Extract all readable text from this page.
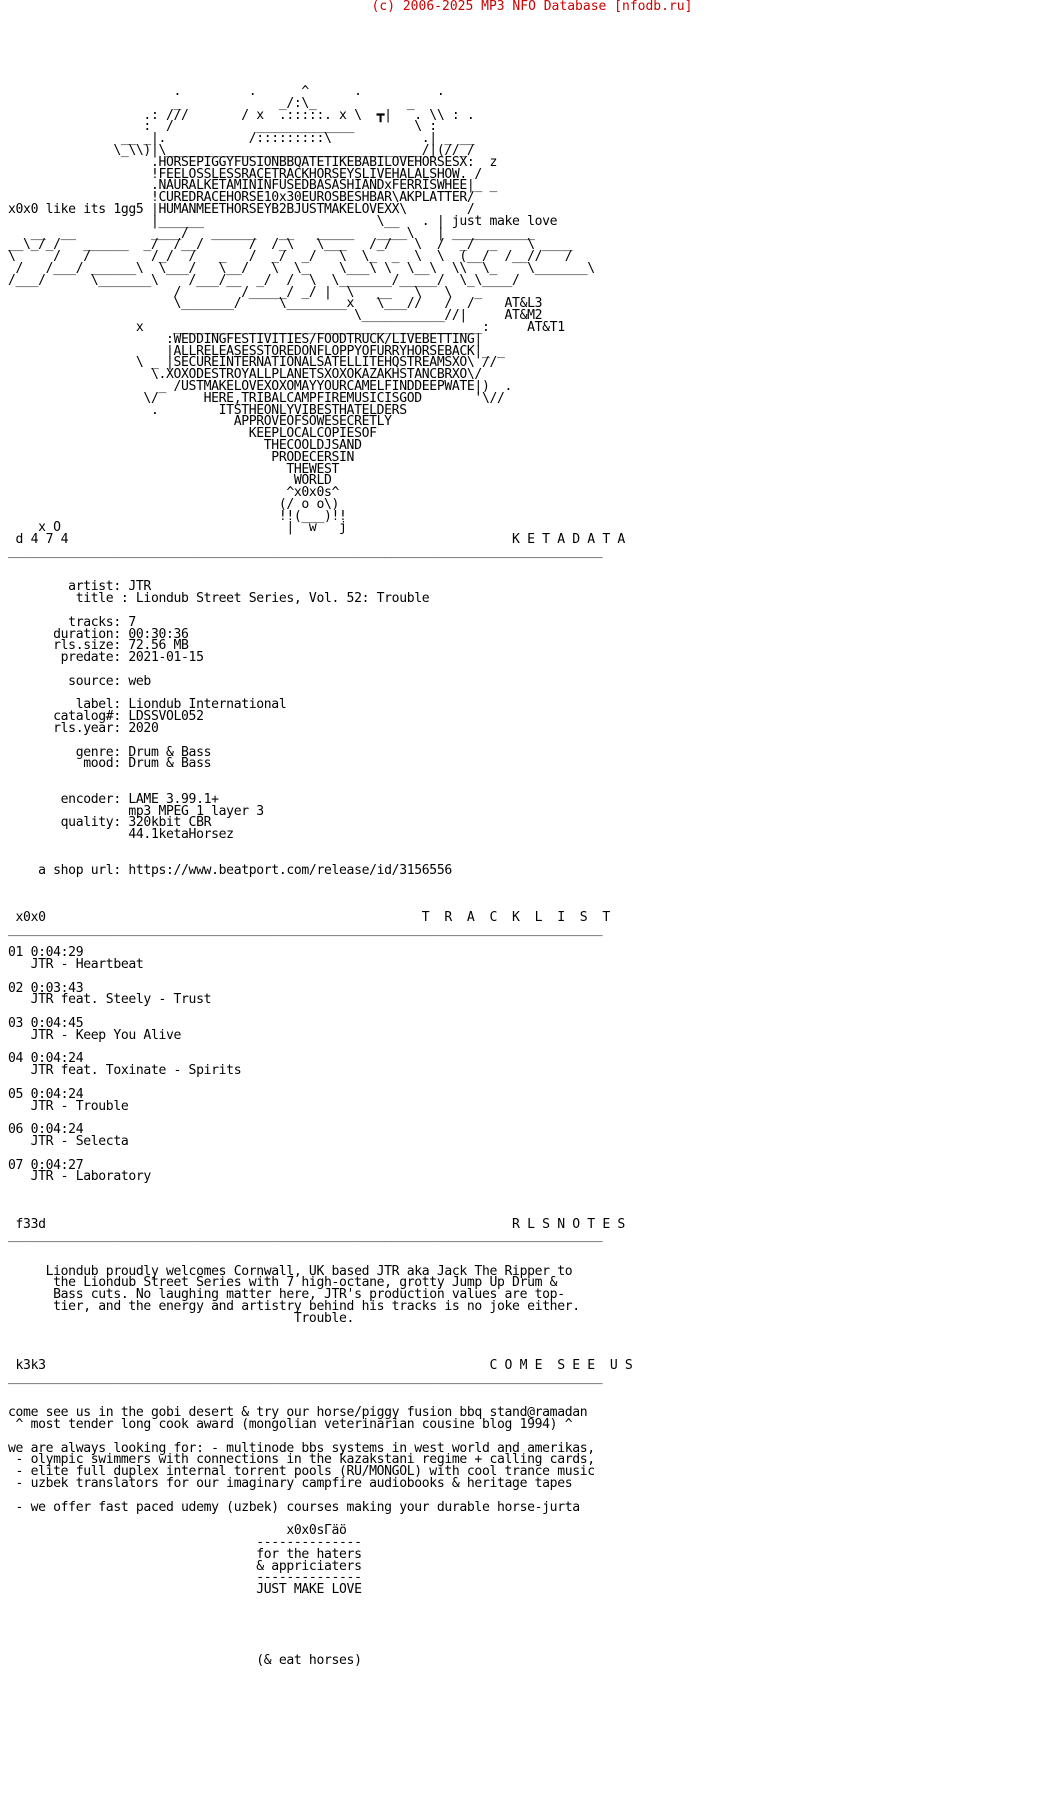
(c) 2006-2025 MP3 NFO Database [nfodb.ru]
.         .      ^      .          .
_             _/:\_            _
.: ///       / x  .:::::. x \  ┳|   . \\ : .
:  /           _____________        \ :
__ _|.           /:::::::::\            .| _ __
\_\\)|\__________________________________/|(//_/
.HORSEPIGGYFUSIONBBQATETIKEBABILOVEHORSESX:  z
!FEELOSSLESSRACETRACKHORSEYSLIVEHALALSHOW. /
.NAURALKETAMININFUSEDBASASHIANDxFERRISWHEE|_ _
!CUREDRACEHORSE10x30EUROSBESHBAR\AKPLATTER/
x0x0 like its 1gg5 |HUMANMEETHORSEYB2BJUSTMAKELOVEXX\        /
|______                       \__   . | just make love
__  __          ____/   ______   __   _____   ____\   | ___________
__\_/_/   ______  _/  /__/      /  /_\   \___   /_/   \  /  _/  _    \ ____
\     /   /        /_/  /   _   /  _/  _/   \  \_  _  \  \  (__/  /__//   /
/   /___/ ______\  \___/   \__/   \  \_    \___\ \  \__\  \\  \_    \_______\
/___/      \_______\    /___/__  _/  /  \  \_______/_____/  \_\____/
/        /_____/ _/ |  \   __   \   \   _
\_______/     \________x   \___//   /  /    AT&L3
\___________//|     AT&M2
x    _________________________________________:     AT&T1
:WEDDINGFESTIVITIES/FOODTRUCK/LIVEBETTING|
|ALLRELEASESSTOREDONFLOPPYOFURRYHORSEBACK|_ _
\ _ |SECUREINTERNATIONALSATELLITEHQSTREAMSXO\ //
\.XOXODESTROYALLPLANETSXOXOKAZAKHSTANCBRXO\/
_ /USTMAKELOVEXOXOMAYYOURCAMELFINDDEEPWATE|)  .
\/      HERE,TRIBALCAMPFIREMUSICISGOD       '\//
.        ITSTHEONLYVIBESTHATELDERS
APPROVEOFSOWESECRETLY
KEEPLOCALCOPIESOF
THECOOLDJSAND
PRODECERSIN
THEWEST
WORLD
^x0x0s^
(/ o o\)
!!(___)!!
x O                              |  w   j
d 4 7 4                                                           K E T A D A T A
_______________________________________________________________________________

artist: JTR
title : Liondub Street Series, Vol. 52: Trouble

tracks: 7
duration: 00:30:36
rls.size: 72.56 MB
predate: 2021-01-15

source: web

label: Liondub International
catalog#: LDSSVOL052
rls.year: 2020

genre: Drum & Bass
mood: Drum & Bass

encoder: LAME 3.99.1+
mp3 MPEG 1 layer 3
quality: 320kbit CBR
44.1ketaHorsez

a shop url: https://www.beatport.com/release/id/3156556

x0x0                                                  T  R  A  C  K  L  I  S  T
_______________________________________________________________________________

01 0:04:29
JTR - Heartbeat

02 0:03:43
JTR feat. Steely - Trust

03 0:04:45
JTR - Keep You Alive

04 0:04:24
JTR feat. Toxinate - Spirits

05 0:04:24
JTR - Trouble

06 0:04:24
JTR - Selecta

07 0:04:27
JTR - Laboratory

f33d                                                              R L S N O T E S
_______________________________________________________________________________

Liondub proudly welcomes Cornwall, UK based JTR aka Jack The Ripper to
the Liondub Street Series with 7 high-octane, grotty Jump Up Drum &
Bass cuts. No laughing matter here, JTR's production values are top-
tier, and the energy and artistry behind his tracks is no joke either.
Trouble.

k3k3                                                           C O M E  S E E  U S
_______________________________________________________________________________

come see us in the gobi desert & try our horse/piggy fusion bbq stand@ramadan
^ most tender long cook award (mongolian veterinarian cousine blog 1994) ^

we are always looking for: - multinode bbs systems in west world and amerikas,
- olympic swimmers with connections in the kazakstani regime + calling cards,
- elite full duplex internal torrent pools (RU/MONGOL) with cool trance music
- uzbek translators for our imaginary campfire audiobooks & heritage tapes

- we offer fast paced udemy (uzbek) courses making your durable horse-jurta

x0x0sГäö
--------------
for the haters
& appriciaters
--------------
JUST MAKE LOVE

(& eat horses)
